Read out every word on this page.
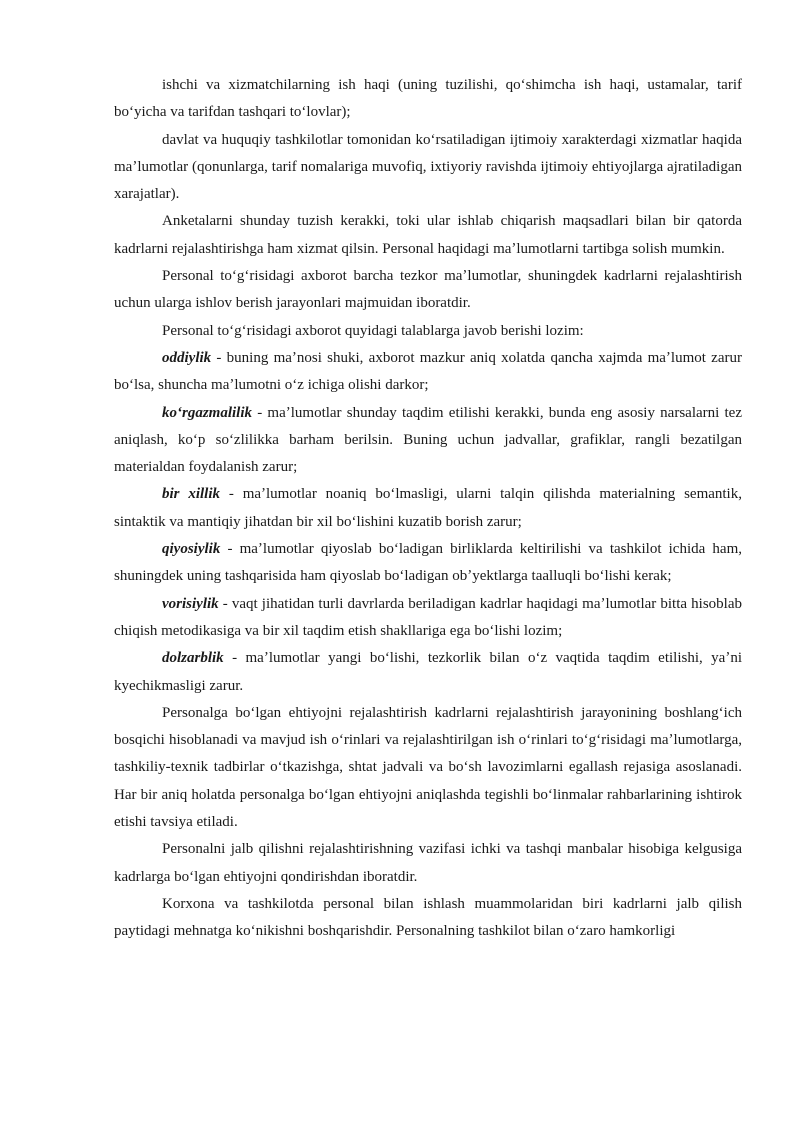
ishchi va xizmatchilarning ish haqi (uning tuzilishi, qoʻshimcha ish haqi, ustamalar, tarif boʻyicha va tarifdan tashqari toʻlovlar);

davlat va huquqiy tashkilotlar tomonidan koʻrsatiladigan ijtimoiy xarakterdagi xizmatlar haqida maʼlumotlar (qonunlarga, tarif nomalariga muvofiq, ixtiyoriy ravishda ijtimoiy ehtiyojlarga ajratiladigan xarajatlar).

Anketalarni shunday tuzish kerakki, toki ular ishlab chiqarish maqsadlari bilan bir qatorda kadrlarni rejalashtirishga ham xizmat qilsin. Personal haqidagi maʼlumotlarni tartibga solish mumkin.

Personal toʻgʻrisidagi axborot barcha tezkor maʼlumotlar, shuningdek kadrlarni rejalashtirish uchun ularga ishlov berish jarayonlari majmuidan iboratdir.

Personal toʻgʻrisidagi axborot quyidagi talablarga javob berishi lozim:

oddiylik - buning maʼnosi shuki, axborot mazkur aniq xolatda qancha xajmda maʼlumot zarur boʻlsa, shuncha maʼlumotni oʻz ichiga olishi darkor;

koʻrgazmalilik - maʼlumotlar shunday taqdim etilishi kerakki, bunda eng asosiy narsalarni tez aniqlash, koʻp soʻzlilikka barham berilsin. Buning uchun jadvallar, grafiklar, rangli bezatilgan materialdan foydalanish zarur;

bir xillik - maʼlumotlar noaniq boʻlmasligi, ularni talqin qilishda materialning semantik, sintaktik va mantiqiy jihatdan bir xil boʻlishini kuzatib borish zarur;

qiyosiylik - maʼlumotlar qiyoslab boʻladigan birliklarda keltirilishi va tashkilot ichida ham, shuningdek uning tashqarisida ham qiyoslab boʻladigan obʼyektlarga taalluqli boʻlishi kerak;

vorisiylik - vaqt jihatidan turli davrlarda beriladigan kadrlar haqidagi maʼlumotlar bitta hisoblab chiqish metodikasiga va bir xil taqdim etish shakllariga ega boʻlishi lozim;

dolzarblik - maʼlumotlar yangi boʻlishi, tezkorlik bilan oʻz vaqtida taqdim etilishi, yaʼni kyechikmasligi zarur.

Personalga boʻlgan ehtiyojni rejalashtirish kadrlarni rejalashtirish jarayonining boshlangʻich bosqichi hisoblanadi va mavjud ish oʻrinlari va rejalashtirilgan ish oʻrinlari toʻgʻrisidagi maʼlumotlarga, tashkiliy-texnik tadbirlar oʻtkazishga, shtat jadvali va boʻsh lavozimlarni egallash rejasiga asoslanadi. Har bir aniq holatda personalga boʻlgan ehtiyojni aniqlashda tegishli boʻlinmalar rahbarlarining ishtirok etishi tavsiya etiladi.

Personalni jalb qilishni rejalashtirishning vazifasi ichki va tashqi manbalar hisobiga kelgusiga kadrlarga boʻlgan ehtiyojni qondirishdan iboratdir.

Korxona va tashkilotda personal bilan ishlash muammolaridan biri kadrlarni jalb qilish paytidagi mehnatga koʻnikishni boshqarishdir. Personalning tashkilot bilan oʻzaro hamkorligi
